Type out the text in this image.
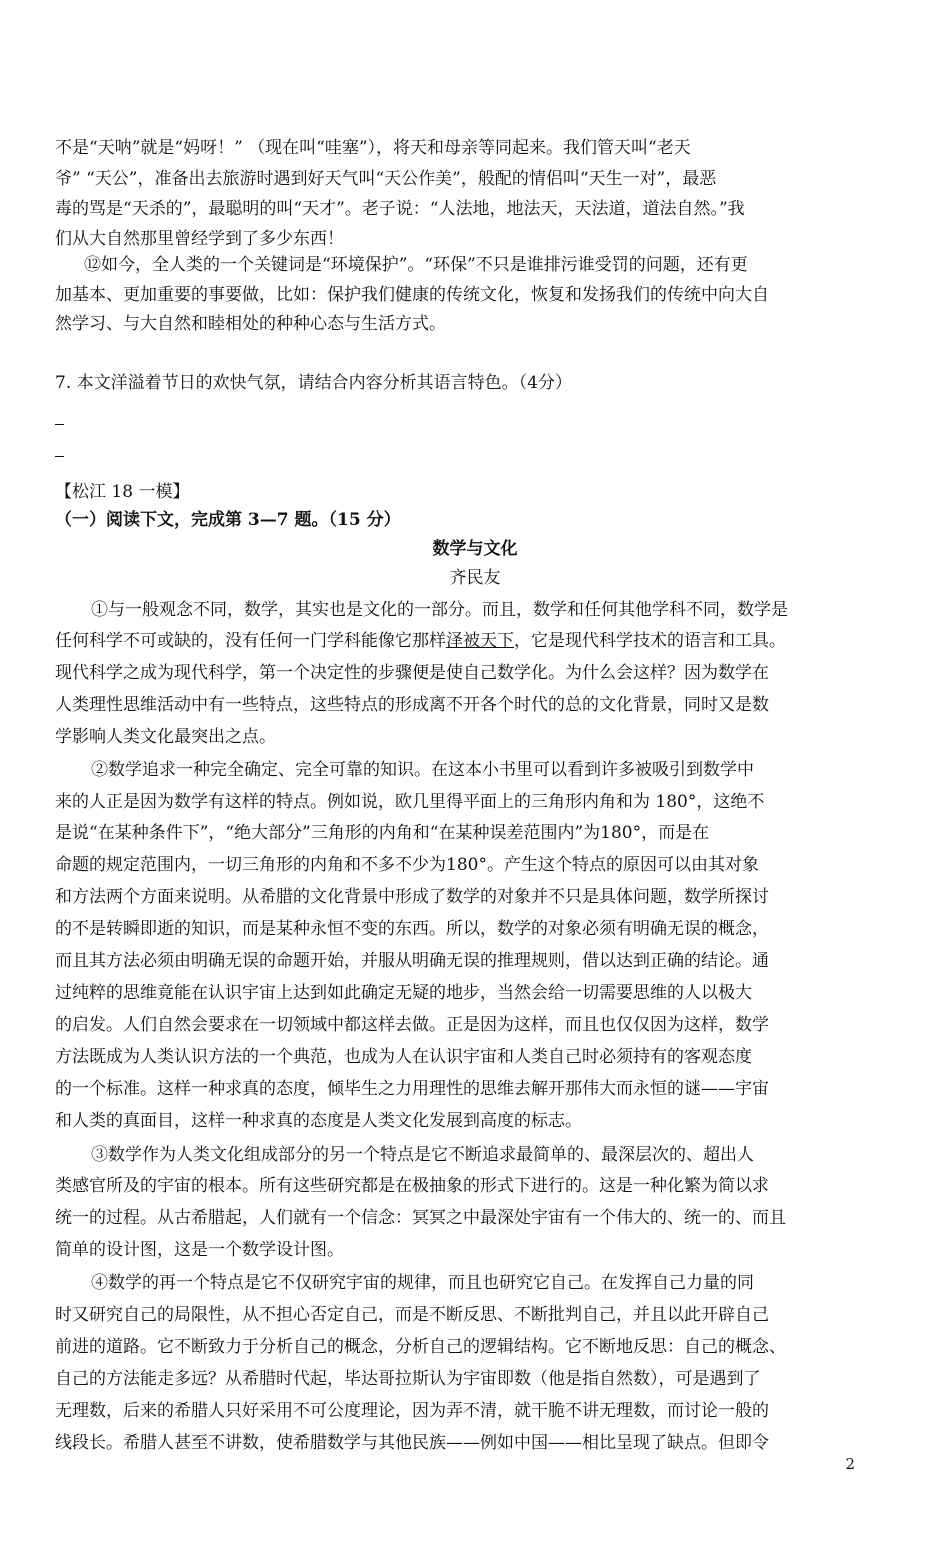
不是“天呐”就是“妈呀！” （现在叫“哇塞”），将天和母亲等同起来。我们管天叫“老天
爷” “天公”，准备出去旅游时遇到好天气叫“天公作美”，般配的情侣叫“天生一对”，最恶
毒的骂是“天杀的”，最聪明的叫“天才”。老子说：“人法地，地法天，天法道，道法自然。”我
们从大自然那里曾经学到了多少东西！
⑫如今，全人类的一个关键词是“环境保护”。“环保”不只是谁排污谁受罚的问题，还有更
加基本、更加重要的事要做，比如：保护我们健康的传统文化，恢复和发扬我们的传统中向大自
然学习、与大自然和睦相处的种种心态与生活方式。
7. 本文洋溢着节日的欢快气氛，请结合内容分析其语言特色。（4分）
【松江 18 一模】
（一）阅读下文，完成第 3—7 题。（15 分）
数学与文化
齐民友
①与一般观念不同，数学，其实也是文化的一部分。而且，数学和任何其他学科不同，数学是
任何科学不可或缺的，没有任何一门学科能像它那样泽被天下，它是现代科学技术的语言和工具。
现代科学之成为现代科学，第一个决定性的步骤便是使自己数学化。为什么会这样？因为数学在
人类理性思维活动中有一些特点，这些特点的形成离不开各个时代的总的文化背景，同时又是数
学影响人类文化最突出之点。
②数学追求一种完全确定、完全可靠的知识。在这本小书里可以看到许多被吸引到数学中
来的人正是因为数学有这样的特点。例如说，欧几里得平面上的三角形内角和为 180°，这绝不
是说“在某种条件下”，“绝大部分”三角形的内角和“在某种误差范围内”为180°，而是在
命题的规定范围内，一切三角形的内角和不多不少为180°。产生这个特点的原因可以由其对象
和方法两个方面来说明。从希腊的文化背景中形成了数学的对象并不只是具体问题，数学所探讨
的不是转瞬即逝的知识，而是某种永恒不变的东西。所以，数学的对象必须有明确无误的概念，
而且其方法必须由明确无误的命题开始，并服从明确无误的推理规则，借以达到正确的结论。通
过纯粹的思维竟能在认识宇宙上达到如此确定无疑的地步，当然会给一切需要思维的人以极大
的启发。人们自然会要求在一切领域中都这样去做。正是因为这样，而且也仅仅因为这样，数学
方法既成为人类认识方法的一个典范，也成为人在认识宇宙和人类自己时必须持有的客观态度
的一个标准。这样一种求真的态度，倾毕生之力用理性的思维去解开那伟大而永恒的谜——宇宙
和人类的真面目，这样一种求真的态度是人类文化发展到高度的标志。
③数学作为人类文化组成部分的另一个特点是它不断追求最简单的、最深层次的、超出人
类感官所及的宇宙的根本。所有这些研究都是在极抽象的形式下进行的。这是一种化繁为简以求
统一的过程。从古希腊起，人们就有一个信念：冥冥之中最深处宇宙有一个伟大的、统一的、而且
简单的设计图，这是一个数学设计图。
④数学的再一个特点是它不仅研究宇宙的规律，而且也研究它自己。在发挥自己力量的同
时又研究自己的局限性，从不担心否定自己，而是不断反思、不断批判自己，并且以此开辟自己
前进的道路。它不断致力于分析自己的概念，分析自己的逻辑结构。它不断地反思：自己的概念、
自己的方法能走多远？从希腊时代起，毕达哥拉斯认为宇宙即数（他是指自然数），可是遇到了
无理数，后来的希腊人只好采用不可公度理论，因为弄不清，就干脆不讲无理数，而讨论一般的
线段长。希腊人甚至不讲数，使希腊数学与其他民族——例如中国——相比呈现了缺点。但即令
2
